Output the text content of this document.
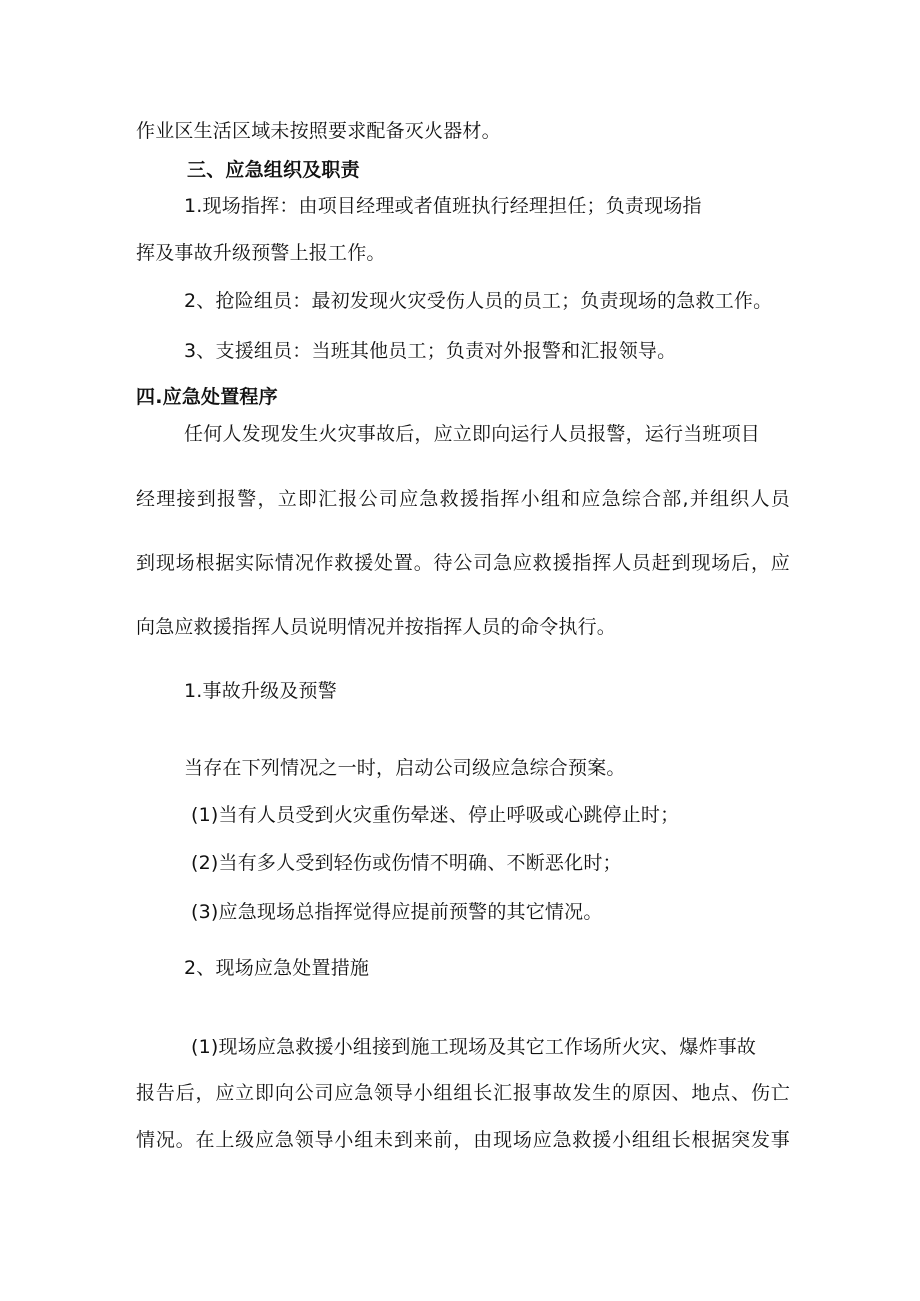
作业区生活区域未按照要求配备灭火器材。
三、应急组织及职责
1.现场指挥：由项目经理或者值班执行经理担任；负责现场指
挥及事故升级预警上报工作。
2、抢险组员：最初发现火灾受伤人员的员工；负责现场的急救工作。
3、支援组员：当班其他员工；负责对外报警和汇报领导。
四.应急处置程序
任何人发现发生火灾事故后，应立即向运行人员报警，运行当班项目
经理接到报警，立即汇报公司应急救援指挥小组和应急综合部,并组织人员
到现场根据实际情况作救援处置。待公司急应救援指挥人员赶到现场后，应
向急应救援指挥人员说明情况并按指挥人员的命令执行。
1.事故升级及预警
当存在下列情况之一时，启动公司级应急综合预案。
(1)当有人员受到火灾重伤晕迷、停止呼吸或心跳停止时；
(2)当有多人受到轻伤或伤情不明确、不断恶化时；
(3)应急现场总指挥觉得应提前预警的其它情况。
2、现场应急处置措施
(1)现场应急救援小组接到施工现场及其它工作场所火灾、爆炸事故
报告后，应立即向公司应急领导小组组长汇报事故发生的原因、地点、伤亡
情况。在上级应急领导小组未到来前，由现场应急救援小组组长根据突发事
